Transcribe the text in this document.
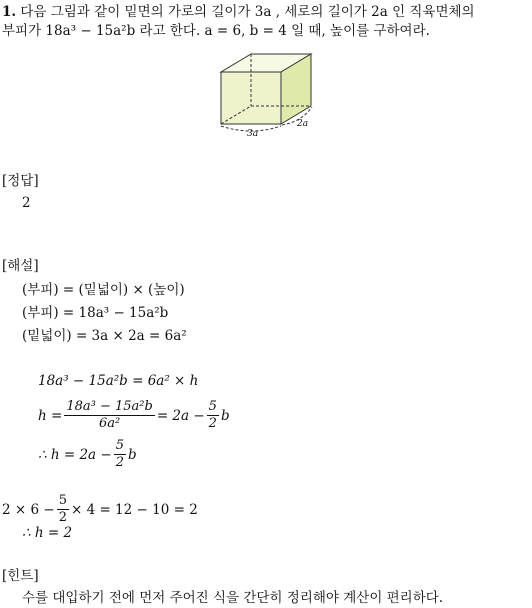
1. 다음 그림과 같이 밑면의 가로의 길이가 3a , 세로의 길이가 2a 인 직육면체의
부피가 18a³ − 15a²b 라고 한다. a = 6, b = 4 일 때, 높이를 구하여라.
3a
2a
[정답]
2
[해설]
(부피) = (밑넓이) × (높이)
(부피) = 18a³ − 15a²b
(밑넓이) = 3a × 2a = 6a²
18a³ − 15a²b = 6a² × h
$h = \frac{\text{18a³ − 15a²b}}{\text{6a²}} = 2a - \frac{5}{2}$ b
∴ $h = 2a - \frac{5}{2}$ b
$2 \times 6 - \frac{5}{2} \times 4 = 12 - 10 = 2$
∴ h = 2
[힌트]
수를 대입하기 전에 먼저 주어진 식을 간단히 정리해야 계산이 편리하다.
